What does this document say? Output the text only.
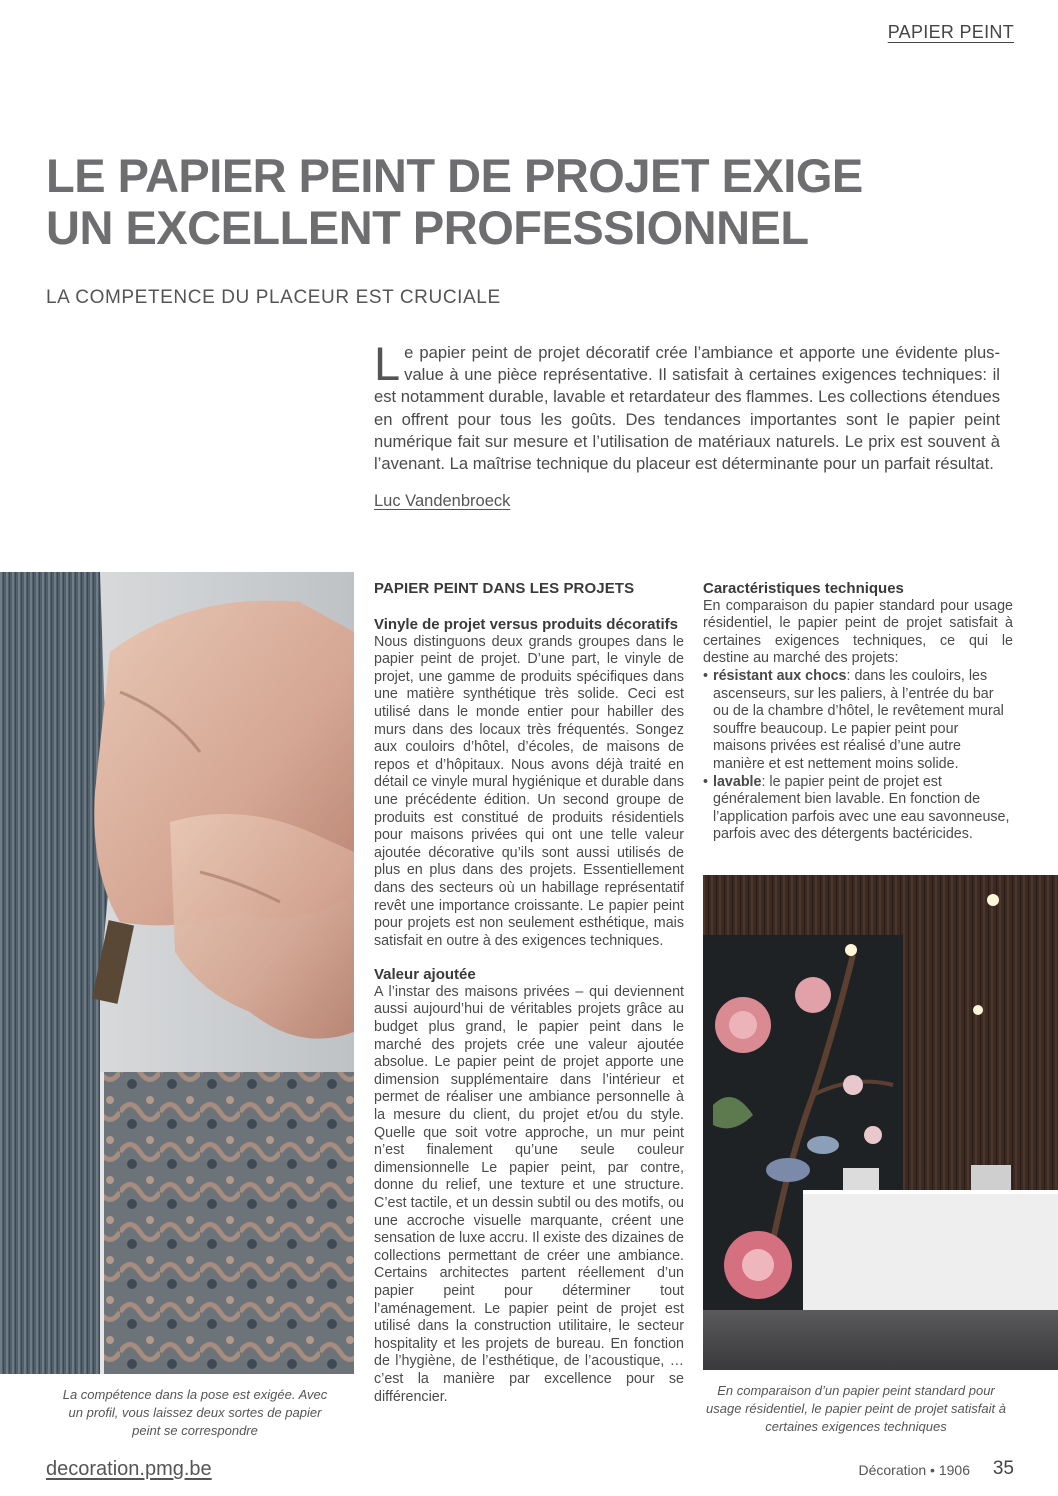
PAPIER PEINT
LE PAPIER PEINT DE PROJET EXIGE
UN EXCELLENT PROFESSIONNEL
LA COMPETENCE DU PLACEUR EST CRUCIALE

Le papier peint de projet décoratif crée l’ambiance et apporte une évidente plus-value à une pièce représentative. Il satisfait à certaines exigences techniques: il est notamment durable, lavable et retardateur des flammes. Les collections étendues en offrent pour tous les goûts. Des tendances importantes sont le papier peint numérique fait sur mesure et l’utilisation de matériaux naturels. Le prix est souvent à l’avenant. La maîtrise technique du placeur est déterminante pour un parfait résultat.

Luc Vandenbroeck
La compétence dans la pose est exigée. Avec un profil, vous laissez deux sortes de papier peint se correspondre
PAPIER PEINT DANS LES PROJETS
Vinyle de projet versus produits décoratifs

Nous distinguons deux grands groupes dans le papier peint de projet. D’une part, le vinyle de projet, une gamme de produits spécifiques dans une matière synthétique très solide. Ceci est utilisé dans le monde entier pour habiller des murs dans des locaux très fréquentés. Songez aux couloirs d’hôtel, d’écoles, de maisons de repos et d’hôpitaux. Nous avons déjà traité en détail ce vinyle mural hygiénique et durable dans une précédente édition. Un second groupe de produits est constitué de produits résidentiels pour maisons privées qui ont une telle valeur ajoutée décorative qu’ils sont aussi utilisés de plus en plus dans des projets. Essentiellement dans des secteurs où un habillage représentatif revêt une importance croissante. Le papier peint pour projets est non seulement esthétique, mais satisfait en outre à des exigences techniques.

Valeur ajoutée

A l’instar des maisons privées – qui deviennent aussi aujourd’hui de véritables projets grâce au budget plus grand, le papier peint dans le marché des projets crée une valeur ajoutée absolue. Le papier peint de projet apporte une dimension supplémentaire dans l’intérieur et permet de réaliser une ambiance personnelle à la mesure du client, du projet et/ou du style. Quelle que soit votre approche, un mur peint n’est finalement qu’une seule couleur dimensionnelle Le papier peint, par contre, donne du relief, une texture et une structure. C’est tactile, et un dessin subtil ou des motifs, ou une accroche visuelle marquante, créent une sensation de luxe accru. Il existe des dizaines de collections permettant de créer une ambiance. Certains architectes partent réellement d’un papier peint pour déterminer tout l’aménagement. Le papier peint de projet est utilisé dans la construction utilitaire, le secteur hospitality et les projets de bureau. En fonction de l’hygiène, de l’esthétique, de l’acoustique, … c’est la manière par excellence pour se différencier.

Caractéristiques techniques

En comparaison du papier standard pour usage résidentiel, le papier peint de projet satisfait à certaines exigences techniques, ce qui le destine au marché des projets:

• résistant aux chocs: dans les couloirs, les ascenseurs, sur les paliers, à l’entrée du bar ou de la chambre d’hôtel, le revêtement mural souffre beaucoup. Le papier peint pour maisons privées est réalisé d’une autre manière et est nettement moins solide.
• lavable: le papier peint de projet est généralement bien lavable. En fonction de l’application parfois avec une eau savonneuse, parfois avec des détergents bactéricides.
En comparaison d’un papier peint standard pour usage résidentiel, le papier peint de projet satisfait à certaines exigences techniques
decoration.pmg.be	Décoration • 1906 35
